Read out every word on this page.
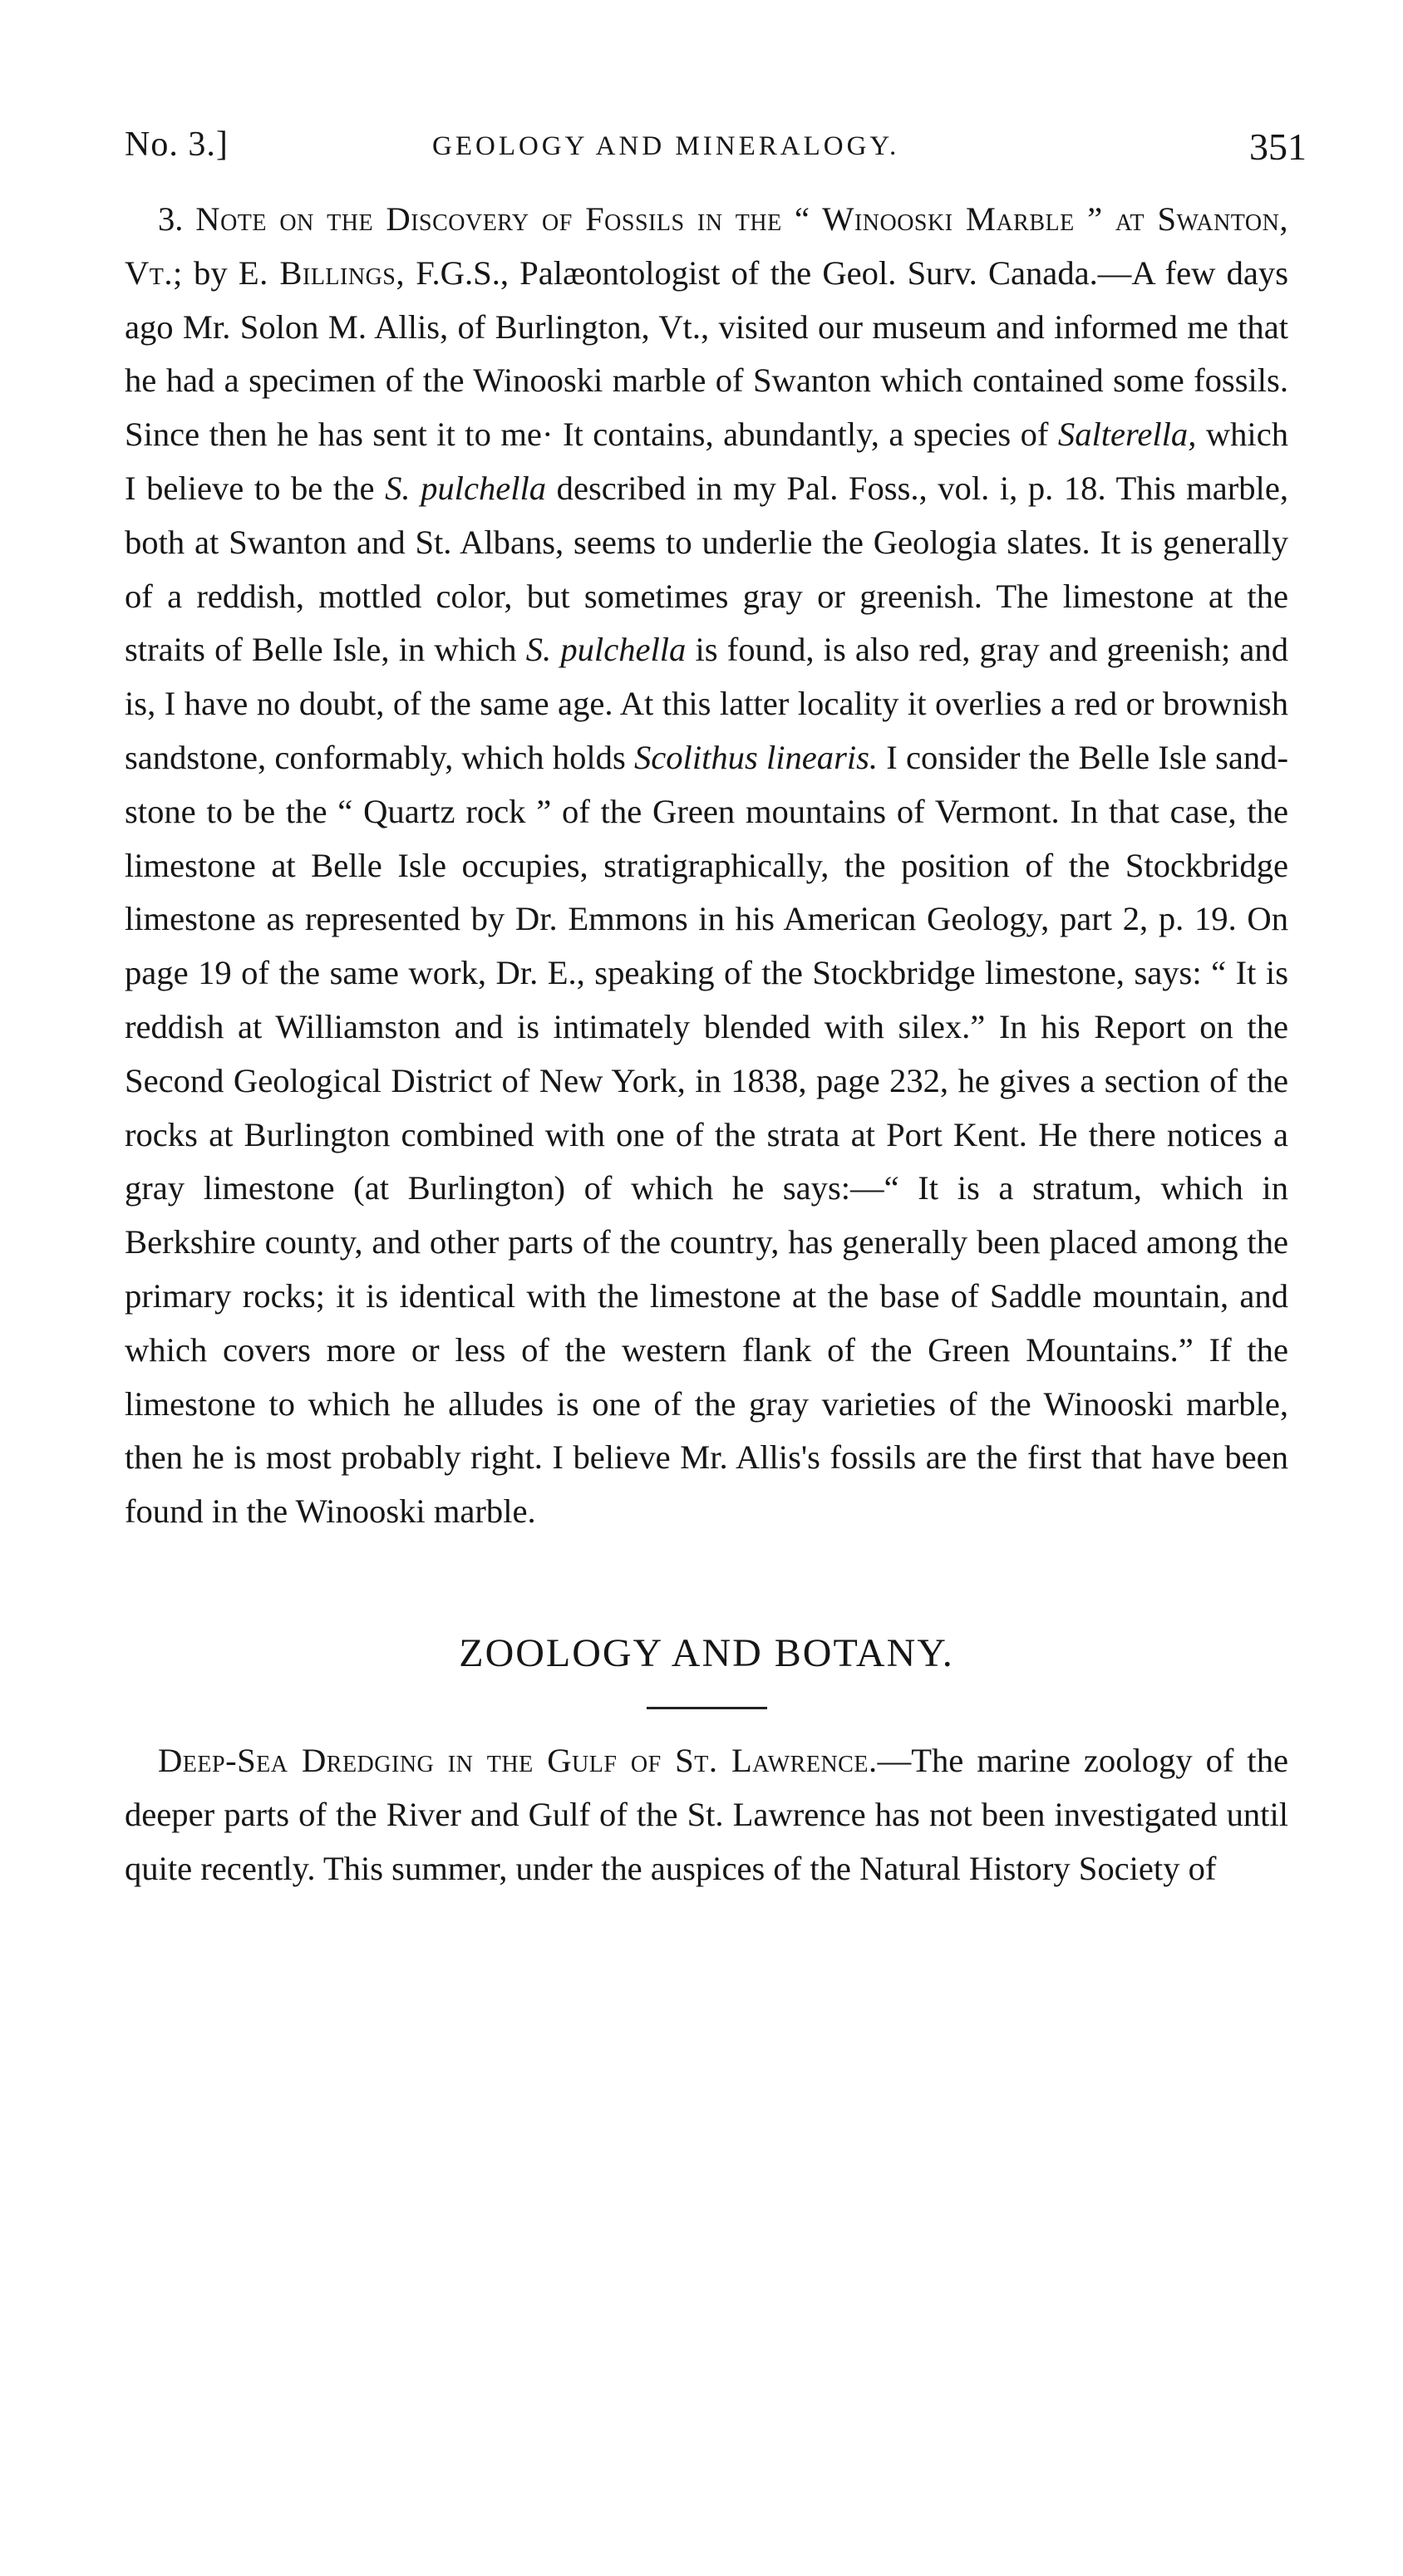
No. 3.]	GEOLOGY AND MINERALOGY.	351

3. Note on the Discovery of Fossils in the “ Winooski Marble ” at Swanton, Vt.; by E. Billings, F.G.S., Palæontologist of the Geol. Surv. Canada.—A few days ago Mr. Solon M. Allis, of Burlington, Vt., visited our museum and informed me that he had a specimen of the Winooski marble of Swanton which contained some fossils. Since then he has sent it to me· It contains, abundantly, a species of Salterella, which I believe to be the S. pulchella described in my Pal. Foss., vol. i, p. 18. This marble, both at Swanton and St. Albans, seems to underlie the Geologia slates. It is generally of a reddish, mottled color, but sometimes gray or greenish. The limestone at the straits of Belle Isle, in which S. pulchella is found, is also red, gray and greenish; and is, I have no doubt, of the same age. At this latter locality it overlies a red or brownish sandstone, conformably, which holds Scolithus linearis. I consider the Belle Isle sandstone to be the “ Quartz rock ” of the Green mountains of Vermont. In that case, the limestone at Belle Isle occupies, stratigraphically, the position of the Stockbridge limestone as represented by Dr. Emmons in his American Geology, part 2, p. 19. On page 19 of the same work, Dr. E., speaking of the Stockbridge limestone, says: “ It is reddish at Williamston and is intimately blended with silex.” In his Report on the Second Geological District of New York, in 1838, page 232, he gives a section of the rocks at Burlington combined with one of the strata at Port Kent. He there notices a gray limestone (at Burlington) of which he says:—“ It is a stratum, which in Berkshire county, and other parts of the country, has generally been placed among the primary rocks; it is identical with the limestone at the base of Saddle mountain, and which covers more or less of the western flank of the Green Mountains.” If the limestone to which he alludes is one of the gray varieties of the Winooski marble, then he is most probably right. I believe Mr. Allis's fossils are the first that have been found in the Winooski marble.

ZOOLOGY AND BOTANY.

Deep-Sea Dredging in the Gulf of St. Lawrence.—The marine zoology of the deeper parts of the River and Gulf of the St. Lawrence has not been investigated until quite recently. This summer, under the auspices of the Natural History Society of
